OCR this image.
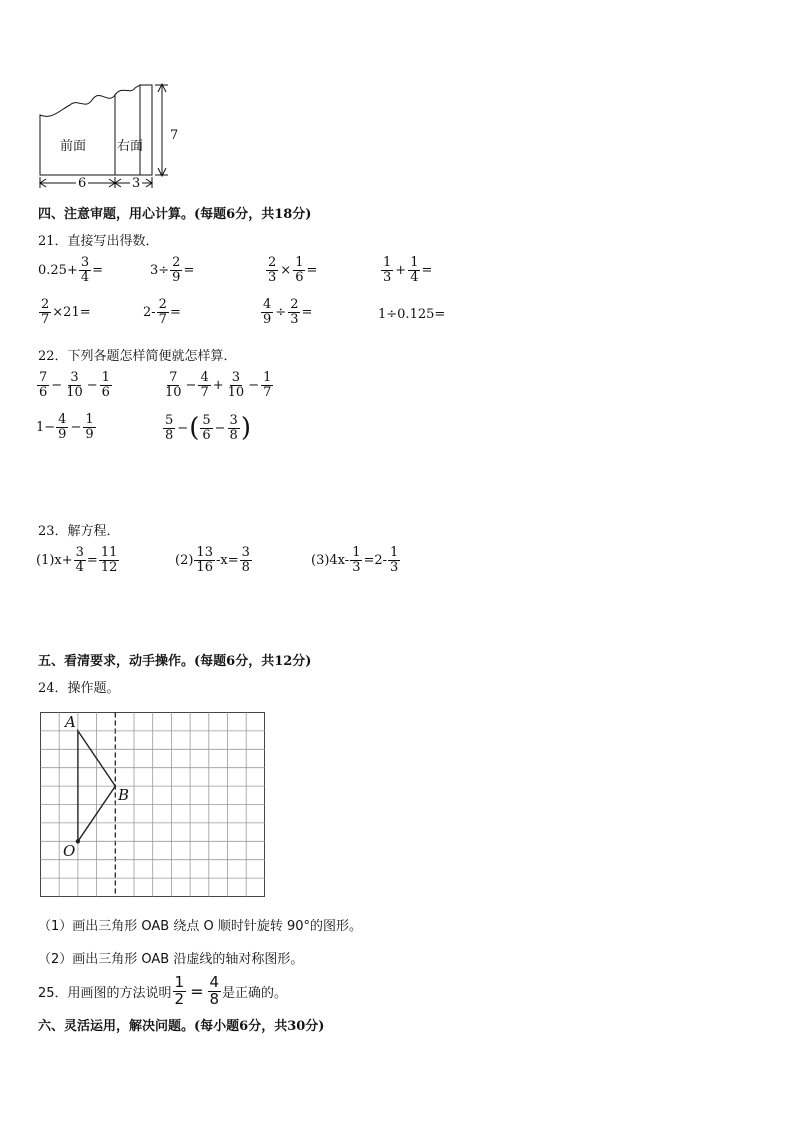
前面 右面
7
6	3
四、注意审题，用心计算。(每题6分，共18分)
21．直接写出得数．
$0.25+ \frac{3}{4}$ =	$3\div \frac{2}{9}$ =	$\frac{2}{3} \times \frac{1}{6}$ =	$\frac{1}{3} + \frac{1}{4}$ =
$\frac{2}{7} \times 21=$	$2- \frac{2}{7}$ =	$\frac{4}{9} \div \frac{2}{3}$ =	1÷0.125=
22．下列各题怎样简便就怎样算．
$\frac{7}{6} - \frac{3}{10} - \frac{1}{6}$	$\frac{7}{10} - \frac{4}{7} + \frac{3}{10} - \frac{1}{7}$
$1- \frac{4}{9} - \frac{1}{9}$	$\frac{5}{8}$ − ( $\frac{5}{6} - \frac{3}{8}$ )
23．解方程．
$(1)x+ \frac{3}{4} = \frac{11}{12}$	$(2) \frac{13}{16} -x= \frac{3}{8}$	$(3)4x- \frac{1}{3} =2- \frac{1}{3}$
五、看清要求，动手操作。(每题6分，共12分)
24．操作题。
A
B
O
（1）画出三角形 OAB 绕点 O 顺时针旋转 90°的图形。
（2）画出三角形 OAB 沿虚线的轴对称图形。
25．用画图的方法说明 $\frac{1}{2} = \frac{4}{8}$ 是正确的。
六、灵活运用，解决问题。(每小题6分，共30分)
